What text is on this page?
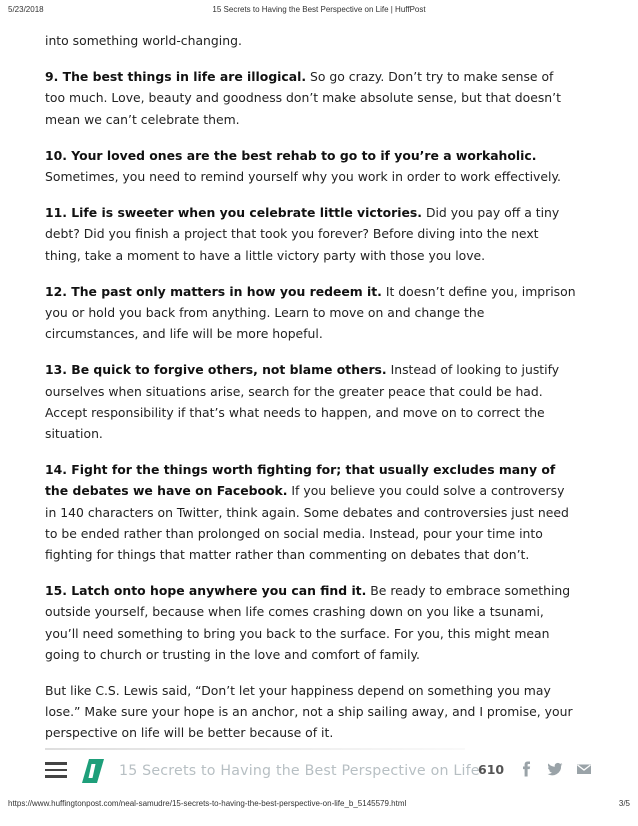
5/23/2018	15 Secrets to Having the Best Perspective on Life | HuffPost

into something world-changing.

9. The best things in life are illogical. So go crazy. Don’t try to make sense of too much. Love, beauty and goodness don’t make absolute sense, but that doesn’t mean we can’t celebrate them.

10. Your loved ones are the best rehab to go to if you’re a workaholic. Sometimes, you need to remind yourself why you work in order to work effectively.

11. Life is sweeter when you celebrate little victories. Did you pay off a tiny debt? Did you finish a project that took you forever? Before diving into the next thing, take a moment to have a little victory party with those you love.

12. The past only matters in how you redeem it. It doesn’t define you, imprison you or hold you back from anything. Learn to move on and change the circumstances, and life will be more hopeful.

13. Be quick to forgive others, not blame others. Instead of looking to justify ourselves when situations arise, search for the greater peace that could be had. Accept responsibility if that’s what needs to happen, and move on to correct the situation.

14. Fight for the things worth fighting for; that usually excludes many of the debates we have on Facebook. If you believe you could solve a controversy in 140 characters on Twitter, think again. Some debates and controversies just need to be ended rather than prolonged on social media. Instead, pour your time into fighting for things that matter rather than commenting on debates that don’t.

15. Latch onto hope anywhere you can find it. Be ready to embrace something outside yourself, because when life comes crashing down on you like a tsunami, you’ll need something to bring you back to the surface. For you, this might mean going to church or trusting in the love and comfort of family.

But like C.S. Lewis said, “Don’t let your happiness depend on something you may lose.” Make sure your hope is an anchor, not a ship sailing away, and I promise, your perspective on life will be better because of it.

15 Secrets to Having the Best Perspective on Life
610
https://www.huffingtonpost.com/neal-samudre/15-secrets-to-having-the-best-perspective-on-life_b_5145579.html	3/5
